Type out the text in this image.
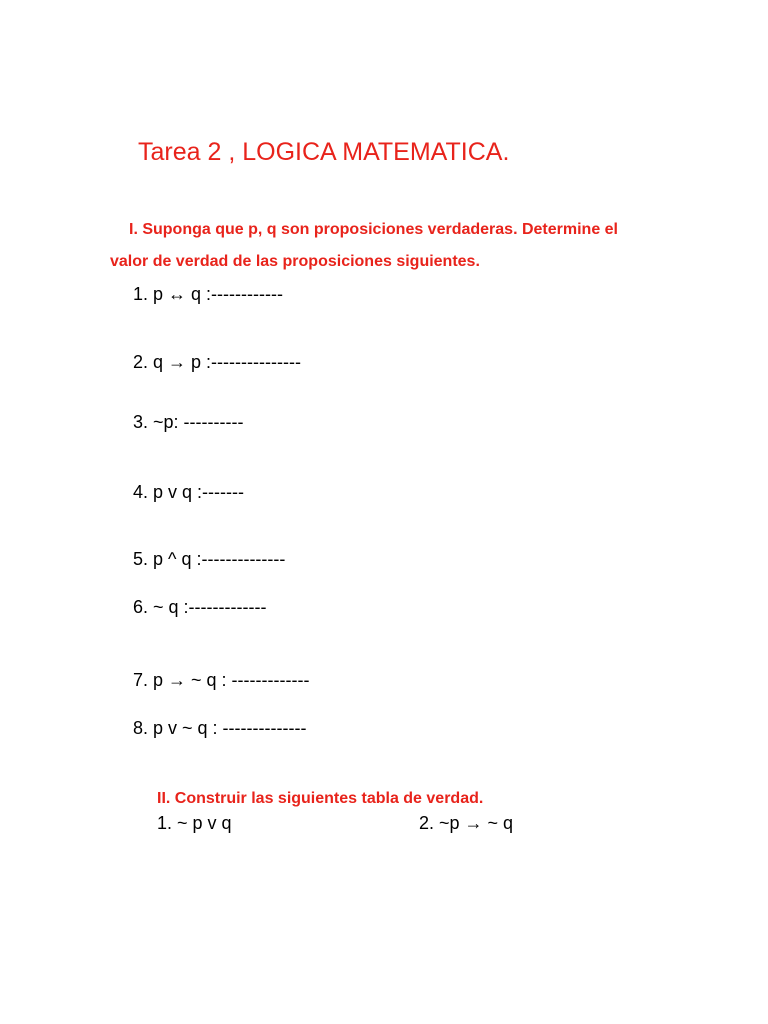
Tarea 2 , LOGICA MATEMATICA.
I. Suponga que p, q son proposiciones verdaderas. Determine el
valor de verdad de las proposiciones siguientes.
1. p ↔ q :------------
2. q → p :---------------
3. ~p: ----------
4. p v q :-------
5. p ^ q :--------------
6. ~ q :-------------
7. p → ~ q : -------------
8. p v ~ q : --------------
II. Construir las siguientes tabla de verdad.
1. ~ p v q	2. ~p → ~ q
